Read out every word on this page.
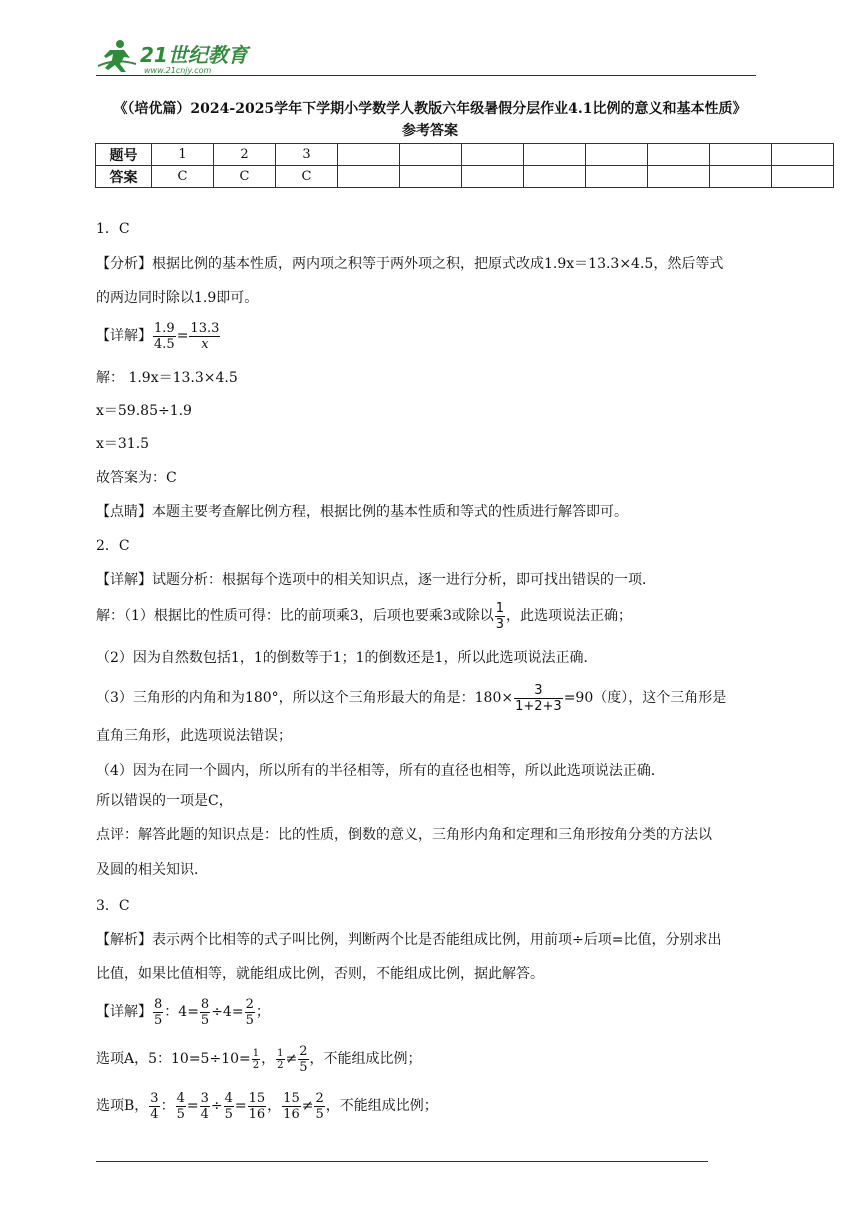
21世纪教育
www.21cnjy.com
《（培优篇）2024-2025学年下学期小学数学人教版六年级暑假分层作业4.1比例的意义和基本性质》
参考答案
题号	1	2	3								
答案	C	C	C								
1．C
【分析】根据比例的基本性质，两内项之积等于两外项之积，把原式改成1.9x＝13.3×4.5，然后等式
的两边同时除以1.9即可。
【详解】 $\frac{1.9}{4.5} = \frac{13.3}{x}$
解： 1.9x＝13.3×4.5
x＝59.85÷1.9
x＝31.5
故答案为：C
【点睛】本题主要考查解比例方程，根据比例的基本性质和等式的性质进行解答即可。
2．C
【详解】试题分析：根据每个选项中的相关知识点，逐一进行分析，即可找出错误的一项．
解：（1）根据比的性质可得：比的前项乘3，后项也要乘3或除以 $\frac{1}{3}$ ，此选项说法正确；
（2）因为自然数包括1，1的倒数等于1；1的倒数还是1，所以此选项说法正确．
（3）三角形的内角和为180°，所以这个三角形最大的角是：$180\times \frac{3}{1+2+3} =90$（度），这个三角形是
直角三角形，此选项说法错误；
（4）因为在同一个圆内，所以所有的半径相等，所有的直径也相等，所以此选项说法正确．
所以错误的一项是C，
点评：解答此题的知识点是：比的性质，倒数的意义，三角形内角和定理和三角形按角分类的方法以
及圆的相关知识．
3．C
【解析】表示两个比相等的式子叫比例，判断两个比是否能组成比例，用前项÷后项=比值，分别求出
比值，如果比值相等，就能组成比例，否则，不能组成比例，据此解答。
【详解】 $\frac{8}{5}$ ：$4= \frac{8}{5} \div 4= \frac{2}{5}$ ；
选项A，5：$10=5\div 10= \frac{1}{2}$ ， $\frac{1}{2} \ne \frac{2}{5}$ ，不能组成比例；
选项B， $\frac{3}{4}$ ： $\frac{4}{5} = \frac{3}{4} \div \frac{4}{5} = \frac{15}{16}$ ， $\frac{15}{16} \ne \frac{2}{5}$ ，不能组成比例；
